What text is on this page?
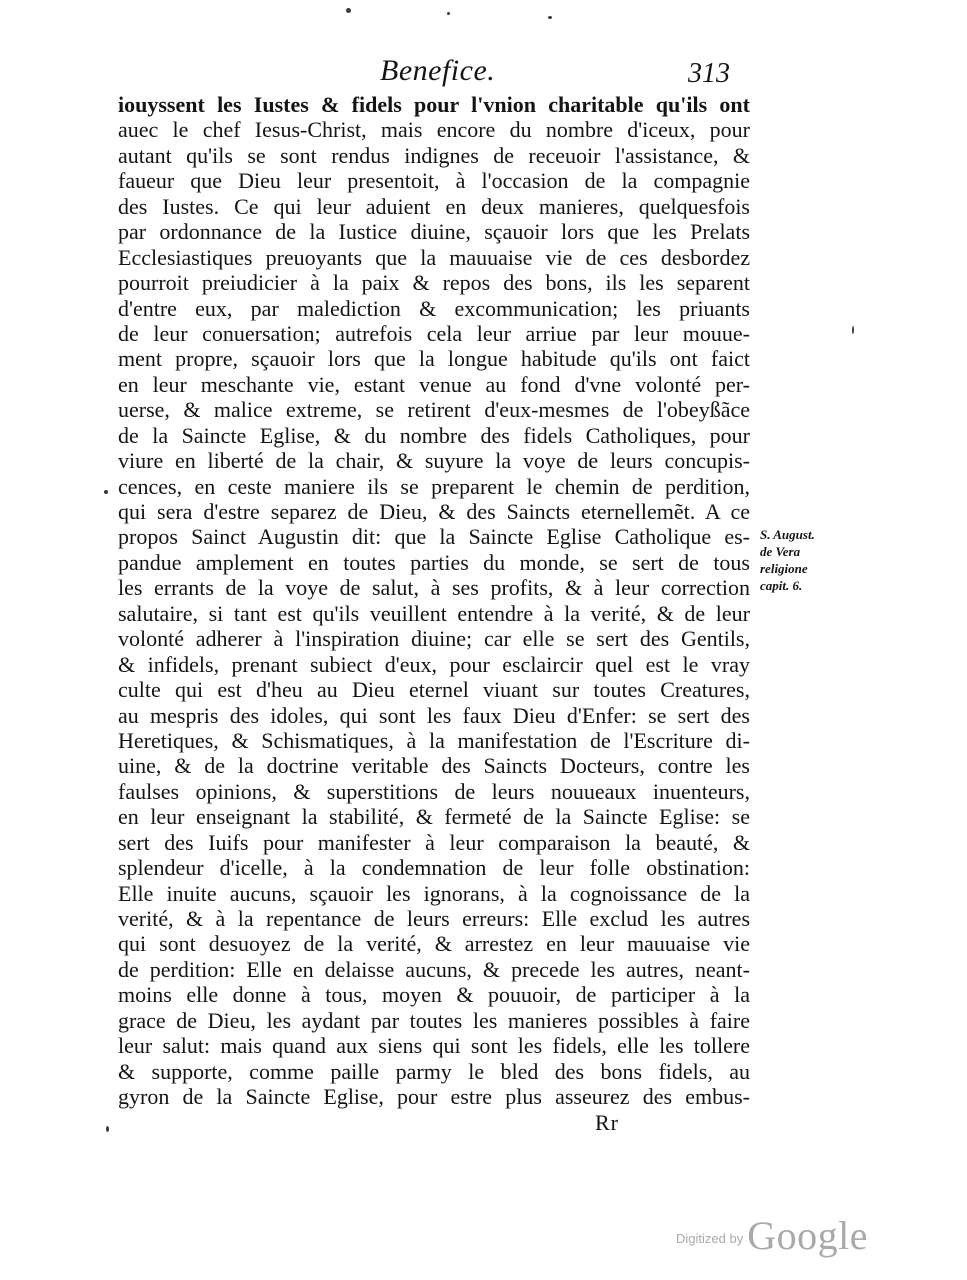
Benefice.	313
iouyssent les Iustes & fidels pour l'vnion charitable qu'ils ont
auec le chef Iesus-Christ, mais encore du nombre d'iceux, pour
autant qu'ils se sont rendus indignes de receuoir l'assistance, &
faueur que Dieu leur presentoit, à l'occasion de la compagnie
des Iustes. Ce qui leur aduient en deux manieres, quelquesfois
par ordonnance de la Iustice diuine, sçauoir lors que les Prelats
Ecclesiastiques preuoyants que la mauuaise vie de ces desbordez
pourroit preiudicier à la paix & repos des bons, ils les separent
d'entre eux, par malediction & excommunication; les priuants
de leur conuersation; autrefois cela leur arriue par leur mouue-
ment propre, sçauoir lors que la longue habitude qu'ils ont faict
en leur meschante vie, estant venue au fond d'vne volonté per-
uerse, & malice extreme, se retirent d'eux-mesmes de l'obeyßãce
de la Saincte Eglise, & du nombre des fidels Catholiques, pour
viure en liberté de la chair, & suyure la voye de leurs concupis-
cences, en ceste maniere ils se preparent le chemin de perdition,
qui sera d'estre separez de Dieu, & des Saincts eternellemẽt. A ce
propos Sainct Augustin dit: que la Saincte Eglise Catholique es-
pandue amplement en toutes parties du monde, se sert de tous
les errants de la voye de salut, à ses profits, & à leur correction
salutaire, si tant est qu'ils veuillent entendre à la verité, & de leur
volonté adherer à l'inspiration diuine; car elle se sert des Gentils,
& infidels, prenant subiect d'eux, pour esclaircir quel est le vray
culte qui est d'heu au Dieu eternel viuant sur toutes Creatures,
au mespris des idoles, qui sont les faux Dieu d'Enfer: se sert des
Heretiques, & Schismatiques, à la manifestation de l'Escriture di-
uine, & de la doctrine veritable des Saincts Docteurs, contre les
faulses opinions, & superstitions de leurs nouueaux inuenteurs,
en leur enseignant la stabilité, & fermeté de la Saincte Eglise: se
sert des Iuifs pour manifester à leur comparaison la beauté, &
splendeur d'icelle, à la condemnation de leur folle obstination:
Elle inuite aucuns, sçauoir les ignorans, à la cognoissance de la
verité, & à la repentance de leurs erreurs: Elle exclud les autres
qui sont desuoyez de la verité, & arrestez en leur mauuaise vie
de perdition: Elle en delaisse aucuns, & precede les autres, neant-
moins elle donne à tous, moyen & pouuoir, de participer à la
grace de Dieu, les aydant par toutes les manieres possibles à faire
leur salut: mais quand aux siens qui sont les fidels, elle les tollere
& supporte, comme paille parmy le bled des bons fidels, au
gyron de la Saincte Eglise, pour estre plus asseurez des embus-
S. August.
de Vera
religione
capit. 6.
Rr
$^{Digitized by}$ Google
